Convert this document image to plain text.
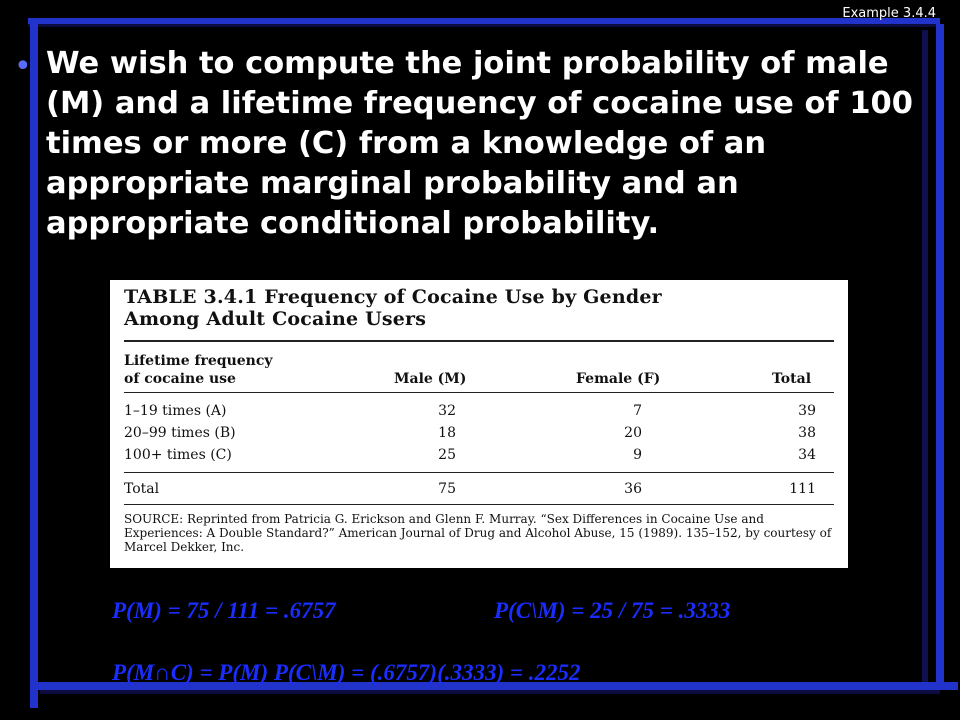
Example 3.4.4
• We wish to compute the joint probability of male (M) and a lifetime frequency of cocaine use of 100 times or more (C) from a knowledge of an appropriate marginal probability and an appropriate conditional probability.
TABLE 3.4.1 Frequency of Cocaine Use by Gender
Among Adult Cocaine Users
Lifetime frequency
of cocaine use	Male (M)	Female (F)	Total
1–19 times (A)	32	7	39
20–99 times (B)	18	20	38
100+ times (C)	25	9	34
Total	75	36	111
SOURCE: Reprinted from Patricia G. Erickson and Glenn F. Murray. “Sex Differences in Cocaine Use and Experiences: A Double Standard?” American Journal of Drug and Alcohol Abuse, 15 (1989). 135–152, by courtesy of Marcel Dekker, Inc.
P(M) = 75 / 111 = .6757	P(C\M) = 25 / 75 = .3333
P(M∩C) = P(M) P(C\M) = (.6757)(.3333) = .2252
